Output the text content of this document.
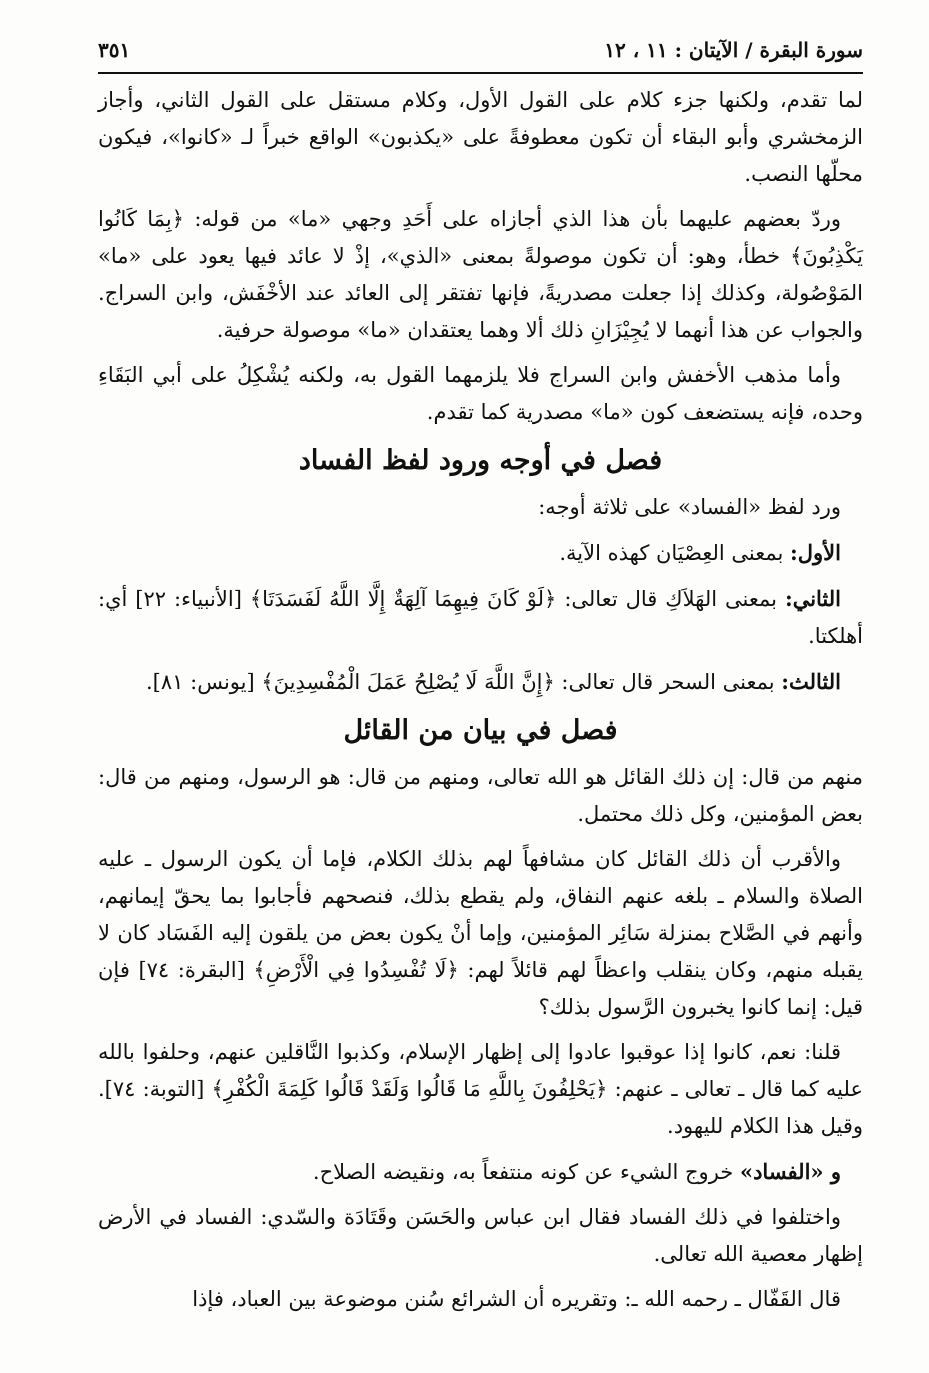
سورة البقرة / الآيتان : ١١ ، ١٢
٣٥١

لما تقدم، ولكنها جزء كلام على القول الأول، وكلام مستقل على القول الثاني، وأجاز الزمخشري وأبو البقاء أن تكون معطوفةً على «يكذبون» الواقع خبراً لـ «كانوا»، فيكون محلّها النصب.

وردّ بعضهم عليهما بأن هذا الذي أجازاه على أَحَدِ وجهي «ما» من قوله: ﴿بِمَا كَانُوا يَكْذِبُونَ﴾ خطأ، وهو: أن تكون موصولةً بمعنى «الذي»، إذْ لا عائد فيها يعود على «ما» المَوْصُولة، وكذلك إذا جعلت مصدريةً، فإنها تفتقر إلى العائد عند الأخْفَش، وابن السراج. والجواب عن هذا أنهما لا يُجِيْزَانِ ذلك ألا وهما يعتقدان «ما» موصولة حرفية.

وأما مذهب الأخفش وابن السراج فلا يلزمهما القول به، ولكنه يُشْكِلُ على أبي البَقَاءِ وحده، فإنه يستضعف كون «ما» مصدرية كما تقدم.

فصل في أوجه ورود لفظ الفساد

ورد لفظ «الفساد» على ثلاثة أوجه:

الأول: بمعنى العِصْيَان كهذه الآية.

الثاني: بمعنى الهَلاَكِ قال تعالى: ﴿لَوْ كَانَ فِيهِمَا آلِهَةٌ إِلَّا اللَّهُ لَفَسَدَتَا﴾ [الأنبياء: ٢٢] أي: أهلكتا.

الثالث: بمعنى السحر قال تعالى: ﴿إِنَّ اللَّهَ لَا يُصْلِحُ عَمَلَ الْمُفْسِدِينَ﴾ [يونس: ٨١].

فصل في بيان من القائل

منهم من قال: إن ذلك القائل هو الله تعالى، ومنهم من قال: هو الرسول، ومنهم من قال: بعض المؤمنين، وكل ذلك محتمل.

والأقرب أن ذلك القائل كان مشافهاً لهم بذلك الكلام، فإما أن يكون الرسول ـ عليه الصلاة والسلام ـ بلغه عنهم النفاق، ولم يقطع بذلك، فنصحهم فأجابوا بما يحقّ إيمانهم، وأنهم في الصَّلاح بمنزلة سَائِر المؤمنين، وإما أنْ يكون بعض من يلقون إليه الفَسَاد كان لا يقبله منهم، وكان ينقلب واعظاً لهم قائلاً لهم: ﴿لَا تُفْسِدُوا فِي الْأَرْضِ﴾ [البقرة: ٧٤] فإن قيل: إنما كانوا يخبرون الرَّسول بذلك؟

قلنا: نعم، كانوا إذا عوقبوا عادوا إلى إظهار الإسلام، وكذبوا النَّاقلين عنهم، وحلفوا بالله عليه كما قال ـ تعالى ـ عنهم: ﴿يَحْلِفُونَ بِاللَّهِ مَا قَالُوا وَلَقَدْ قَالُوا كَلِمَةَ الْكُفْرِ﴾ [التوبة: ٧٤]. وقيل هذا الكلام لليهود.

و «الفساد» خروج الشيء عن كونه منتفعاً به، ونقيضه الصلاح.

واختلفوا في ذلك الفساد فقال ابن عباس والحَسَن وقَتَادَة والسّدي: الفساد في الأرض إظهار معصية الله تعالى.

قال القَفّال ـ رحمه الله ـ: وتقريره أن الشرائع سُنن موضوعة بين العباد، فإذا
